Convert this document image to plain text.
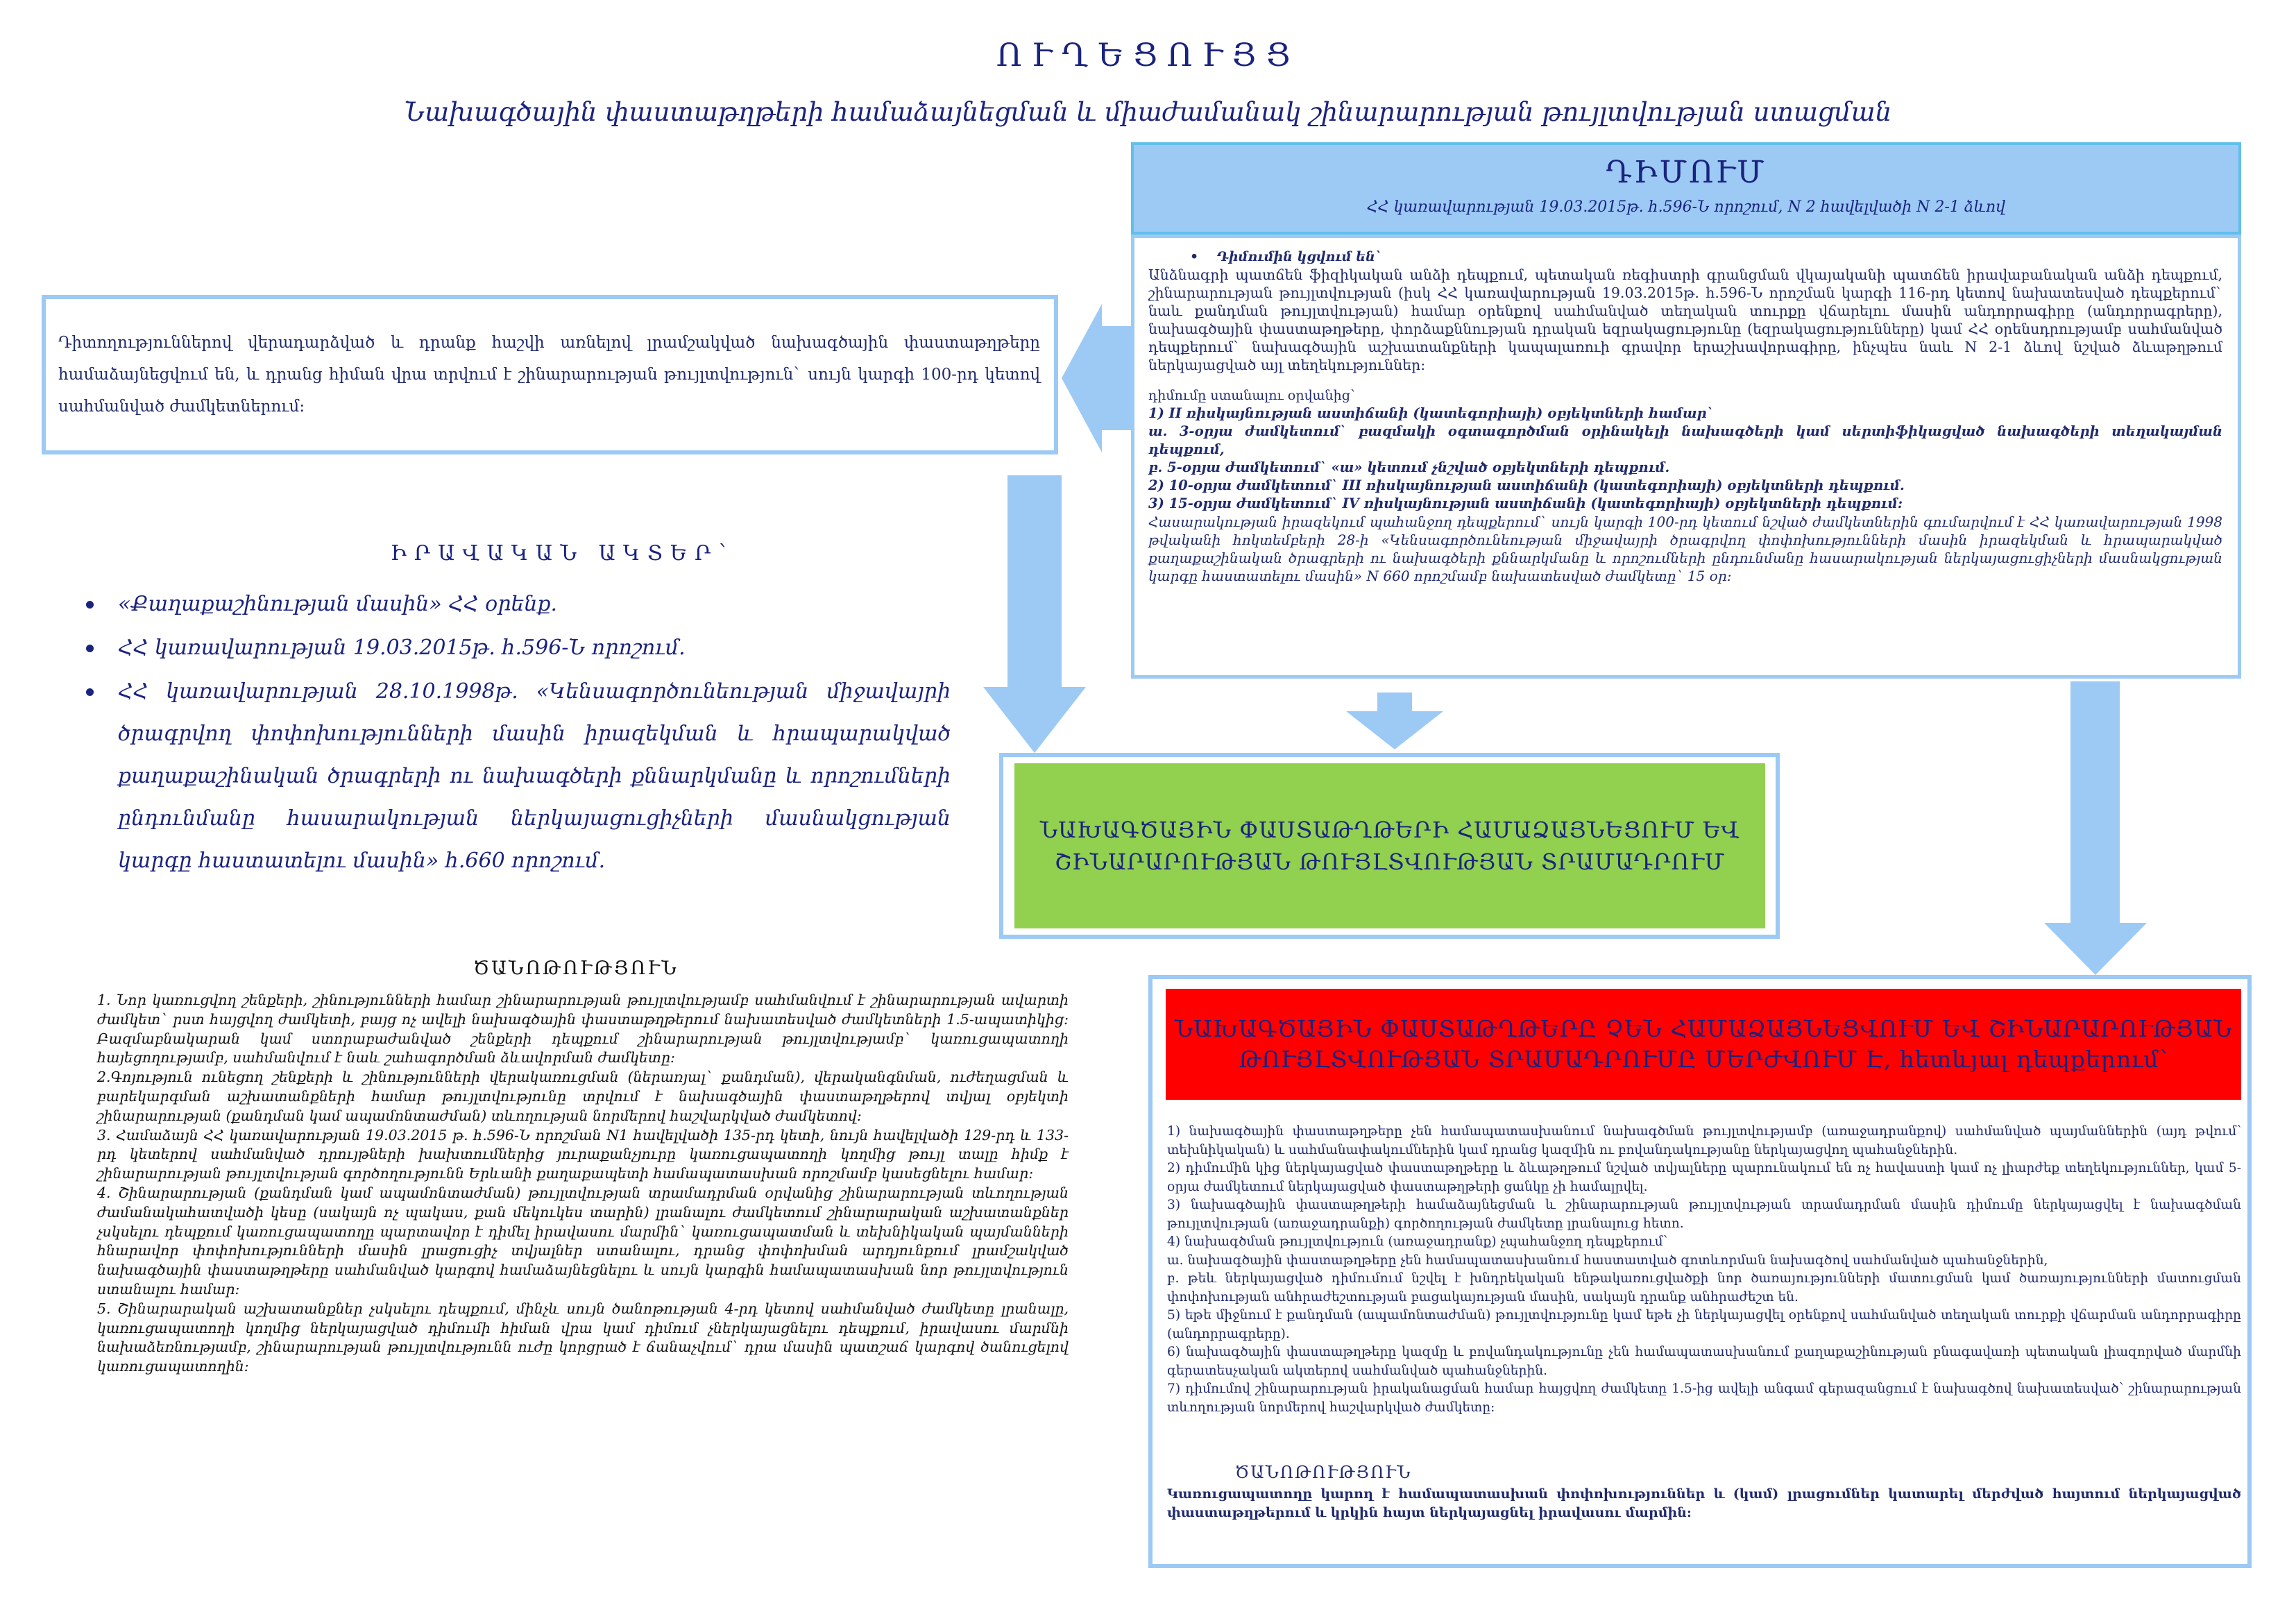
ՈՒՂԵՑՈՒՅՑ
Նախագծային փաստաթղթերի համաձայնեցման և միաժամանակ շինարարության թույլտվության ստացման
ԴԻՄՈՒՄ
ՀՀ կառավարության 19.03.2015թ. հ.596-Ն որոշում, N 2 հավելվածի N 2-1 ձևով
•    Դիմումին կցվում են`
Անձնագրի պատճեն ֆիզիկական անձի դեպքում, պետական ռեգիստրի գրանցման վկայականի պատճեն իրավաբանական անձի դեպքում, շինարարության թույլտվության (իսկ ՀՀ կառավարության 19.03.2015թ. հ.596-Ն որոշման կարգի 116-րդ կետով նախատեսված դեպքերում` նաև քանդման թույլտվության) համար օրենքով սահմանված տեղական տուրքը վճարելու մասին անդորրագիրը (անդորրագրերը), նախագծային փաստաթղթերը, փորձաքննության դրական եզրակացությունը (եզրակացությունները) կամ ՀՀ օրենսդրությամբ սահմանված դեպքերում` նախագծային աշխատանքների կապալառուի գրավոր երաշխավորագիրը, ինչպես նաև N 2-1 ձևով նշված ձևաթղթում ներկայացված այլ տեղեկություններ:
դիմումը ստանալու օրվանից`
1) II ռիսկայնության աստիճանի (կատեգորիայի) օբյեկտների համար`
ա. 3-օրյա ժամկետում` բազմակի օգտագործման օրինակելի նախագծերի կամ սերտիֆիկացված նախագծերի տեղակայման դեպքում,
բ. 5-օրյա ժամկետում` «ա» կետում չնշված օբյեկտների դեպքում.
2) 10-օրյա ժամկետում` III ռիսկայնության աստիճանի (կատեգորիայի) օբյեկտների դեպքում.
3) 15-օրյա ժամկետում` IV ռիսկայնության աստիճանի (կատեգորիայի) օբյեկտների դեպքում:
Հասարակության իրազեկում պահանջող դեպքերում` սույն կարգի 100-րդ կետում նշված ժամկետներին գումարվում է ՀՀ կառավարության 1998 թվականի հոկտեմբերի 28-ի «Կենսագործունեության միջավայրի ծրագրվող փոփոխությունների մասին իրազեկման և հրապարակված քաղաքաշինական ծրագրերի ու նախագծերի քննարկմանը և որոշումների ընդունմանը հասարակության ներկայացուցիչների մասնակցության կարգը հաստատելու մասին» N 660 որոշմամբ նախատեսված ժամկետը` 15 օր:
Դիտողություններով վերադարձված և դրանք հաշվի առնելով լրամշակված նախագծային փաստաթղթերը համաձայնեցվում են, և դրանց հիման վրա տրվում է շինարարության թույլտվություն` սույն կարգի 100-րդ կետով սահմանված ժամկետներում:
ԻՐԱՎԱԿԱՆ ԱԿՏԵՐ՝
«Քաղաքաշինության մասին» ՀՀ օրենք.
ՀՀ կառավարության 19.03.2015թ. հ.596-Ն որոշում.
ՀՀ կառավարության 28.10.1998թ. «Կենսագործունեության միջավայրի ծրագրվող փոփոխությունների մասին իրազեկման և հրապարակված քաղաքաշինական ծրագրերի ու նախագծերի քննարկմանը և որոշումների ընդունմանը հասարակության ներկայացուցիչների մասնակցության կարգը հաստատելու մասին» հ.660 որոշում.
ԾԱՆՈԹՈՒԹՅՈՒՆ
1. Նոր կառուցվող շենքերի, շինությունների համար շինարարության թույլտվությամբ սահմանվում է շինարարության ավարտի ժամկետ` րստ հայցվող ժամկետի, բայց ոչ ավելի նախագծային փաստաթղթերում նախատեսված ժամկետների 1.5-ապատիկից: Բազմաբնակարան կամ ստորաբաժանված շենքերի դեպքում շինարարության թույլտվությամբ` կառուցապատողի հայեցողությամբ, սահմանվում է նաև շահագործման ձևավորման ժամկետը:
2.Գոյություն ունեցող շենքերի և շինությունների վերակառուցման (ներառյալ` քանդման), վերականգնման, ուժեղացման և բարեկարգման աշխատանքների համար թույլտվությունը տրվում է նախագծային փաստաթղթերով տվյալ օբյեկտի շինարարության (քանդման կամ ապամոնտաժման) տևողության նորմերով հաշվարկված ժամկետով:
3. Համաձայն ՀՀ կառավարության 19.03.2015 թ. հ.596-Ն որոշման N1 հավելվածի 135-րդ կետի, նույն հավելվածի 129-րդ և 133-րդ կետերով սահմանված դրույթների խախտումներից յուրաքանչյուրը կառուցապատողի կողմից թույլ տալը հիմք է շինարարության թույլտվության գործողությունն Երևանի քաղաքապետի համապատասխան որոշմամբ կասեցնելու համար:
4. Շինարարության (քանդման կամ ապամոնտաժման) թույլտվության տրամադրման օրվանից շինարարության տևողության ժամանակահատվածի կեսը (սակայն ոչ պակաս, քան մեկուկես տարին) լրանալու ժամկետում շինարարական աշխատանքներ չսկսելու դեպքում կառուցապատողը պարտավոր է դիմել իրավասու մարմին` կառուցապատման և տեխնիկական պայմանների հնարավոր փոփոխությունների մասին լրացուցիչ տվյալներ ստանալու, դրանց փոփոխման արդյունքում լրամշակված նախագծային փաստաթղթերը սահմանված կարգով համաձայնեցնելու և սույն կարգին համապատասխան նոր թույլտվություն ստանալու համար:
5. Շինարարական աշխատանքներ չսկսելու դեպքում, մինչև սույն ծանոթության 4-րդ կետով սահմանված ժամկետը լրանալը, կառուցապատողի կողմից ներկայացված դիմումի հիման վրա կամ դիմում չներկայացնելու դեպքում, իրավասու մարմնի նախաձեռնությամբ, շինարարության թույլտվությունն ուժը կորցրած է ճանաչվում` դրա մասին պատշաճ կարգով ծանուցելով կառուցապատողին:
ՆԱԽԱԳԾԱՅԻՆ ՓԱՍՏԱԹՂԹԵՐԻ ՀԱՄԱՁԱՅՆԵՑՈՒՄ ԵՎ
ՇԻՆԱՐԱՐՈՒԹՅԱՆ ԹՈՒՅԼՏՎՈՒԹՅԱՆ ՏՐԱՄԱԴՐՈՒՄ
ՆԱԽԱԳԾԱՅԻՆ ՓԱՍՏԱԹՂԹԵՐԸ ՉԵՆ ՀԱՄԱՁԱՅՆԵՑՎՈՒՄ ԵՎ ՇԻՆԱՐԱՐՈՒԹՅԱՆ
ԹՈՒՅԼՏՎՈՒԹՅԱՆ ՏՐԱՄԱԴՐՈՒՄԸ ՄԵՐԺՎՈՒՄ Է, հետևյալ դեպքերում՝
1) նախագծային փաստաթղթերը չեն համապատասխանում նախագծման թույլտվությամբ (առաջադրանքով) սահմանված պայմաններին (այդ թվում՝ տեխնիկական) և սահմանափակումներին կամ դրանց կազմին ու բովանդակությանը ներկայացվող պահանջներին.
2) դիմումին կից ներկայացված փաստաթղթերը և ձևաթղթում նշված տվյալները պարունակում են ոչ հավաստի կամ ոչ լիարժեք տեղեկություններ, կամ 5-օրյա ժամկետում ներկայացված փաստաթղթերի ցանկը չի համալրվել.
3) նախագծային փաստաթղթերի համաձայնեցման և շինարարության թույլտվության տրամադրման մասին դիմումը ներկայացվել է նախագծման թույլտվության (առաջադրանքի) գործողության ժամկետը լրանալուց հետո.
4) նախագծման թույլտվություն (առաջադրանք) չպահանջող դեպքերում`
ա. նախագծային փաստաթղթերը չեն համապատասխանում հաստատված գոտևորման նախագծով սահմանված պահանջներին,
բ. թեև ներկայացված դիմումում նշվել է խնդրեկական ենթակառուցվածքի նոր ծառայությունների մատուցման կամ ծառայությունների մատուցման փոփոխության անհրաժեշտության բացակայության մասին, սակայն դրանք անհրաժեշտ են.
5) եթե միջնում է քանդման (ապամոնտաժման) թույլտվությունը կամ եթե չի ներկայացվել օրենքով սահմանված տեղական տուրքի վճարման անդորրագիրը (անդորրագրերը).
6) նախագծային փաստաթղթերը կազմը և բովանդակությունը չեն համապատասխանում քաղաքաշինության բնագավառի պետական լիազորված մարմնի գերատեսչական ակտերով սահմանված պահանջներին.
7) դիմումով շինարարության իրականացման համար հայցվող ժամկետը 1.5-ից ավելի անգամ գերազանցում է նախագծով նախատեսված՝ շինարարության տևողության նորմերով հաշվարկված ժամկետը:
ԾԱՆՈԹՈՒԹՅՈՒՆ
Կառուցապատողը կարող է համապատասխան փոփոխություններ և (կամ) լրացումներ կատարել մերժված հայտում ներկայացված փաստաթղթերում և կրկին հայտ ներկայացնել իրավասու մարմին:
